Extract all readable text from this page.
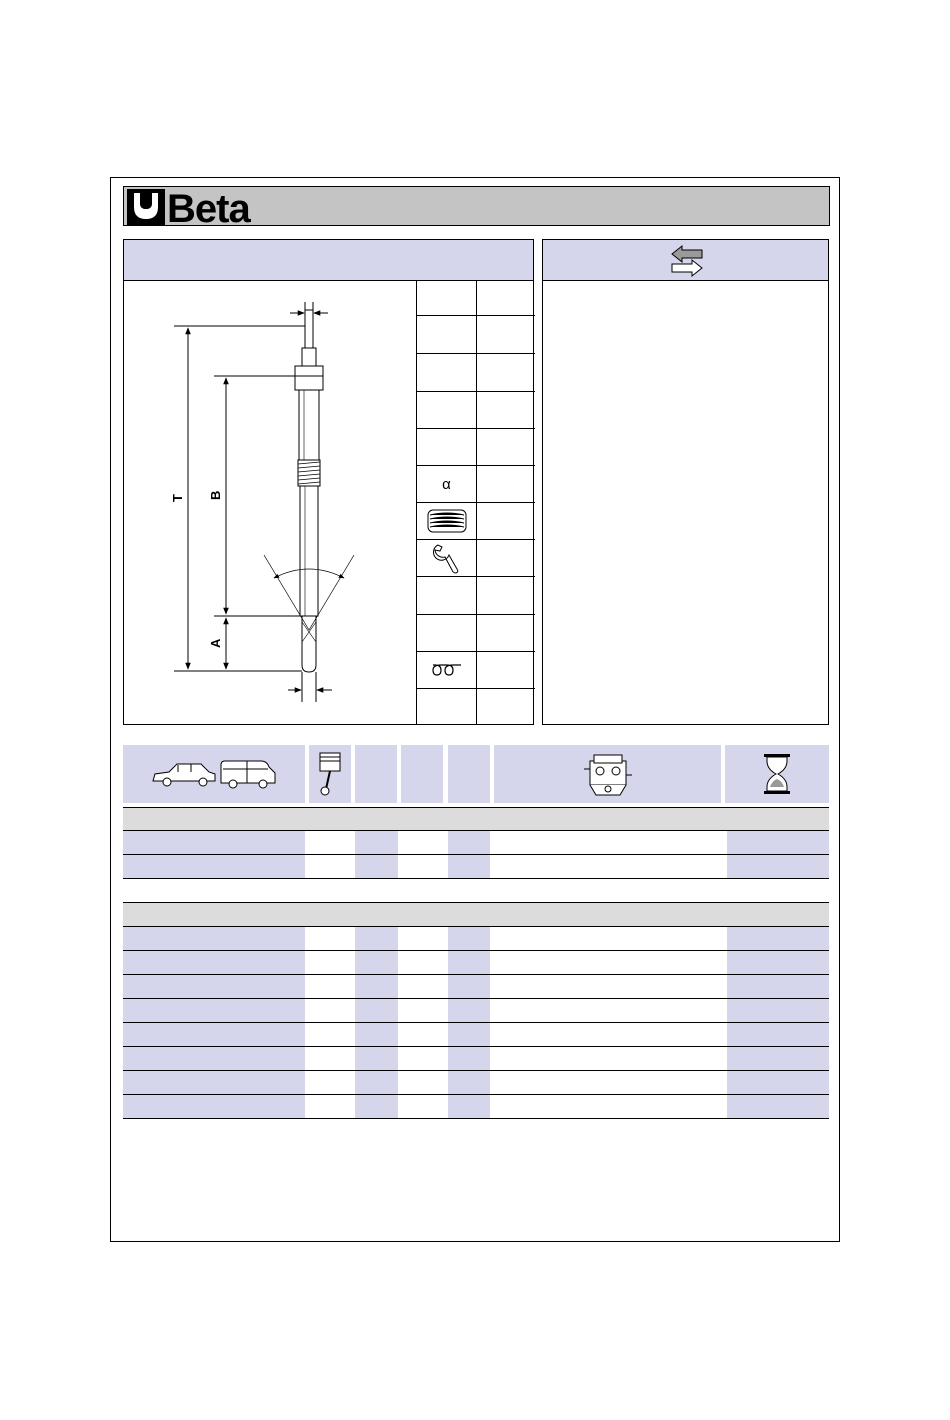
Beta
T B
A
α
